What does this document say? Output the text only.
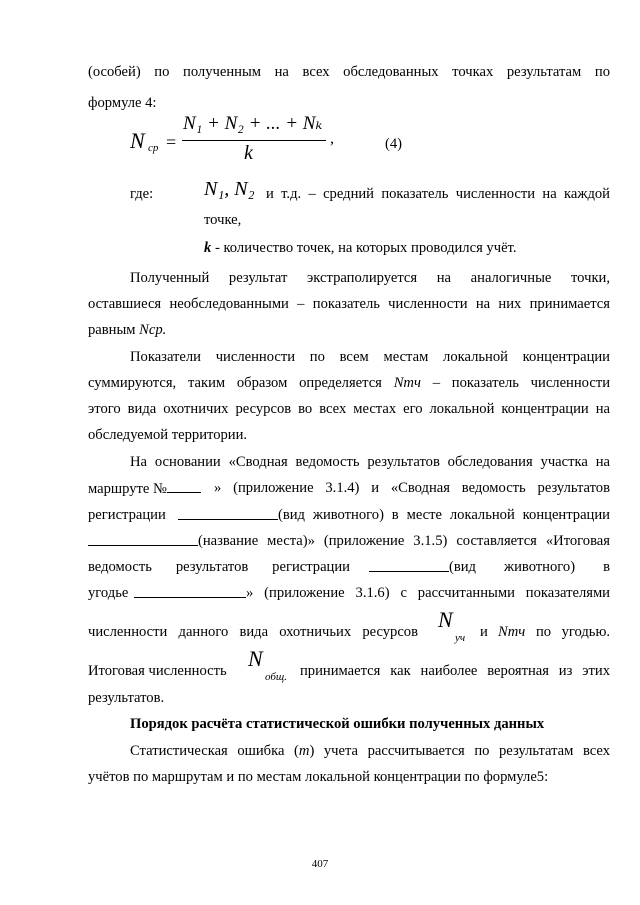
(особей) по полученным на всех обследованных точках результатам по
формуле 4:
N ср =
N₁ + N₂ + ... + Nₖ
k
,	(4)
где:	N₁, N₂ и т.д. – средний показатель численности на каждой
точке,
k - количество точек, на которых проводился учёт.
Полученный результат экстраполируется на аналогичные точки,
оставшиеся необследованными – показатель численности на них принимается
равным Nср.
Показатели численности по всем местам локальной концентрации
суммируются, таким образом определяется Nmч – показатель численности
этого вида охотничих ресурсов во всех местах его локальной концентрации на
обследуемой территории.
На основании «Сводная ведомость результатов обследования участка на
маршруте №	» (приложение 3.1.4) и «Сводная ведомость результатов
регистрации	(вид животного) в месте локальной концентрации
(название места)» (приложение 3.1.5) составляется «Итоговая
ведомость результатов регистрации	(вид животного) в
угодье	» (приложение 3.1.6) с рассчитанными показателями
численности данного вида охотничьих ресурсов N
уч и Nmч по угодью.
Итоговая численность N
общ. принимается как наиболее вероятная из этих
результатов.
Порядок расчёта статистической ошибки полученных данных
Статистическая ошибка (m) учета рассчитывается по результатам всех
учётов по маршрутам и по местам локальной концентрации по формуле5:
407
